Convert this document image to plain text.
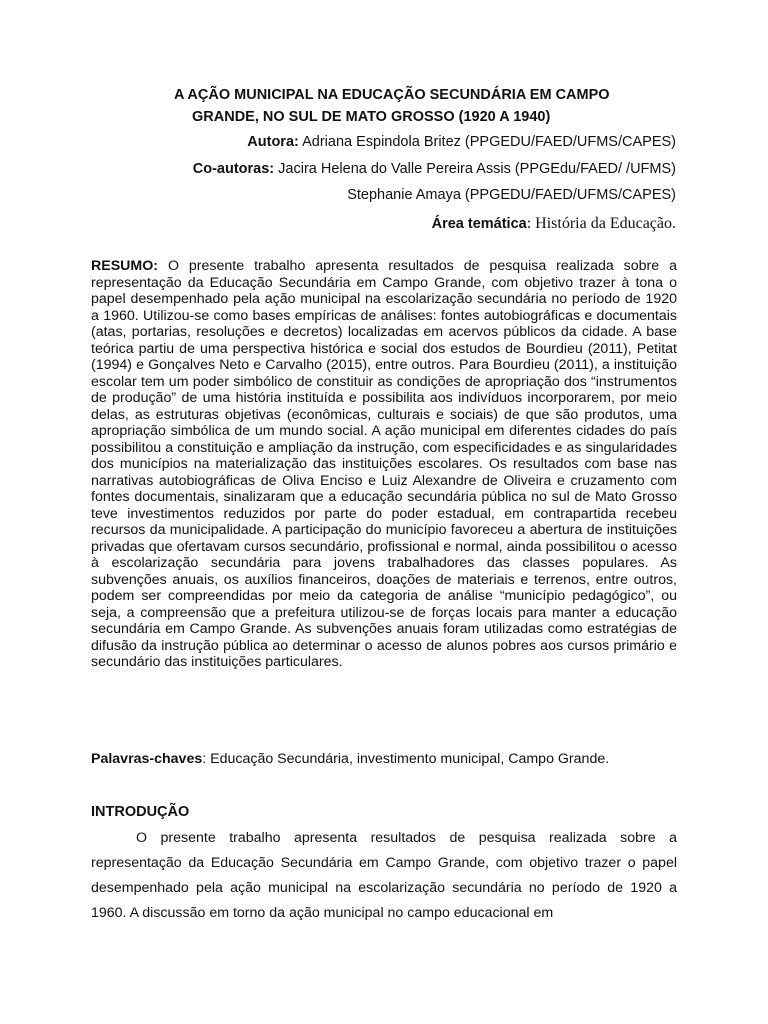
A AÇÃO MUNICIPAL NA EDUCAÇÃO SECUNDÁRIA EM CAMPO
GRANDE, NO SUL DE MATO GROSSO (1920 A 1940)
Autora: Adriana Espindola Britez (PPGEDU/FAED/UFMS/CAPES)
Co-autoras: Jacira Helena do Valle Pereira Assis (PPGEdu/FAED/ /UFMS)
Stephanie Amaya (PPGEDU/FAED/UFMS/CAPES)
Área temática: História da Educação.
RESUMO: O presente trabalho apresenta resultados de pesquisa realizada sobre a representação da Educação Secundária em Campo Grande, com objetivo trazer à tona o papel desempenhado pela ação municipal na escolarização secundária no período de 1920 a 1960. Utilizou-se como bases empíricas de análises: fontes autobiográficas e documentais (atas, portarias, resoluções e decretos) localizadas em acervos públicos da cidade. A base teórica partiu de uma perspectiva histórica e social dos estudos de Bourdieu (2011), Petitat (1994) e Gonçalves Neto e Carvalho (2015), entre outros. Para Bourdieu (2011), a instituição escolar tem um poder simbólico de constituir as condições de apropriação dos “instrumentos de produção” de uma história instituída e possibilita aos indivíduos incorporarem, por meio delas, as estruturas objetivas (econômicas, culturais e sociais) de que são produtos, uma apropriação simbólica de um mundo social. A ação municipal em diferentes cidades do país possibilitou a constituição e ampliação da instrução, com especificidades e as singularidades dos municípios na materialização das instituições escolares. Os resultados com base nas narrativas autobiográficas de Oliva Enciso e Luiz Alexandre de Oliveira e cruzamento com fontes documentais, sinalizaram que a educação secundária pública no sul de Mato Grosso teve investimentos reduzidos por parte do poder estadual, em contrapartida recebeu recursos da municipalidade. A participação do município favoreceu a abertura de instituições privadas que ofertavam cursos secundário, profissional e normal, ainda possibilitou o acesso à escolarização secundária para jovens trabalhadores das classes populares. As subvenções anuais, os auxílios financeiros, doações de materiais e terrenos, entre outros, podem ser compreendidas por meio da categoria de análise “município pedagógico”, ou seja, a compreensão que a prefeitura utilizou-se de forças locais para manter a educação secundária em Campo Grande. As subvenções anuais foram utilizadas como estratégias de difusão da instrução pública ao determinar o acesso de alunos pobres aos cursos primário e secundário das instituições particulares.
Palavras-chaves: Educação Secundária, investimento municipal, Campo Grande.
INTRODUÇÃO
O presente trabalho apresenta resultados de pesquisa realizada sobre a representação da Educação Secundária em Campo Grande, com objetivo trazer o papel desempenhado pela ação municipal na escolarização secundária no período de 1920 a 1960. A discussão em torno da ação municipal no campo educacional em
